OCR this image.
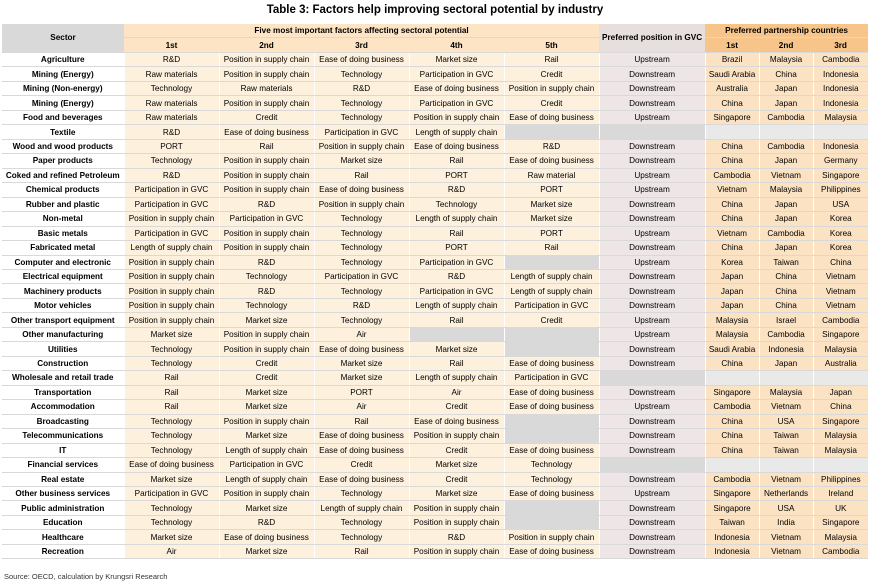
Table 3: Factors help improving sectoral potential by industry
Sector	Five most important factors affecting sectoral potential					Preferred position in GVC	Preferred partnership countries		
	1st	2nd	3rd	4th	5th		1st	2nd	3rd
Agriculture	R&D	Position in supply chain	Ease of doing business	Market size	Rail	Upstream	Brazil	Malaysia	Cambodia
Mining (Energy)	Raw materials	Position in supply chain	Technology	Participation in GVC	Credit	Downstream	Saudi Arabia	China	Indonesia
Mining (Non-energy)	Technology	Raw materials	R&D	Ease of doing business	Position in supply chain	Downstream	Australia	Japan	Indonesia
Mining (Energy)	Raw materials	Position in supply chain	Technology	Participation in GVC	Credit	Downstream	China	Japan	Indonesia
Food and beverages	Raw materials	Credit	Technology	Position in supply chain	Ease of doing business	Upstream	Singapore	Cambodia	Malaysia
Textile	R&D	Ease of doing business	Participation in GVC	Length of supply chain					
Wood and wood products	PORT	Rail	Position in supply chain	Ease of doing business	R&D	Downstream	China	Cambodia	Indonesia
Paper products	Technology	Position in supply chain	Market size	Rail	Ease of doing business	Downstream	China	Japan	Germany
Coked and refined Petroleum	R&D	Position in supply chain	Rail	PORT	Raw material	Upstream	Cambodia	Vietnam	Singapore
Chemical products	Participation in GVC	Position in supply chain	Ease of doing business	R&D	PORT	Upstream	Vietnam	Malaysia	Philippines
Rubber and plastic	Participation in GVC	R&D	Position in supply chain	Technology	Market size	Downstream	China	Japan	USA
Non-metal	Position in supply chain	Participation in GVC	Technology	Length of supply chain	Market size	Downstream	China	Japan	Korea
Basic metals	Participation in GVC	Position in supply chain	Technology	Rail	PORT	Upstream	Vietnam	Cambodia	Korea
Fabricated metal	Length of supply chain	Position in supply chain	Technology	PORT	Rail	Downstream	China	Japan	Korea
Computer and electronic	Position in supply chain	R&D	Technology	Participation in GVC		Upstream	Korea	Taiwan	China
Electrical equipment	Position in supply chain	Technology	Participation in GVC	R&D	Length of supply chain	Downstream	Japan	China	Vietnam
Machinery products	Position in supply chain	R&D	Technology	Participation in GVC	Length of supply chain	Downstream	Japan	China	Vietnam
Motor vehicles	Position in supply chain	Technology	R&D	Length of supply chain	Participation in GVC	Downstream	Japan	China	Vietnam
Other transport equipment	Position in supply chain	Market size	Technology	Rail	Credit	Upstream	Malaysia	Israel	Cambodia
Other manufacturing	Market size	Position in supply chain	Air			Upstream	Malaysia	Cambodia	Singapore
Utilities	Technology	Position in supply chain	Ease of doing business	Market size		Downstream	Saudi Arabia	Indonesia	Malaysia
Construction	Technology	Credit	Market size	Rail	Ease of doing business	Downstream	China	Japan	Australia
Wholesale and retail trade	Rail	Credit	Market size	Length of supply chain	Participation in GVC				
Transportation	Rail	Market size	PORT	Air	Ease of doing business	Downstream	Singapore	Malaysia	Japan
Accommodation	Rail	Market size	Air	Credit	Ease of doing business	Upstream	Cambodia	Vietnam	China
Broadcasting	Technology	Position in supply chain	Rail	Ease of doing business		Downstream	China	USA	Singapore
Telecommunications	Technology	Market size	Ease of doing business	Position in supply chain		Downstream	China	Taiwan	Malaysia
IT	Technology	Length of supply chain	Ease of doing business	Credit	Ease of doing business	Downstream	China	Taiwan	Malaysia
Financial services	Ease of doing business	Participation in GVC	Credit	Market size	Technology				
Real estate	Market size	Length of supply chain	Ease of doing business	Credit	Technology	Downstream	Cambodia	Vietnam	Philippines
Other business services	Participation in GVC	Position in supply chain	Technology	Market size	Ease of doing business	Upstream	Singapore	Netherlands	Ireland
Public administration	Technology	Market size	Length of supply chain	Position in supply chain		Downstream	Singapore	USA	UK
Education	Technology	R&D	Technology	Position in supply chain		Downstream	Taiwan	India	Singapore
Healthcare	Market size	Ease of doing business	Technology	R&D	Position in supply chain	Downstream	Indonesia	Vietnam	Malaysia
Recreation	Air	Market size	Rail	Position in supply chain	Ease of doing business	Downstream	Indonesia	Vietnam	Cambodia
Source: OECD, calculation by Krungsri Research
